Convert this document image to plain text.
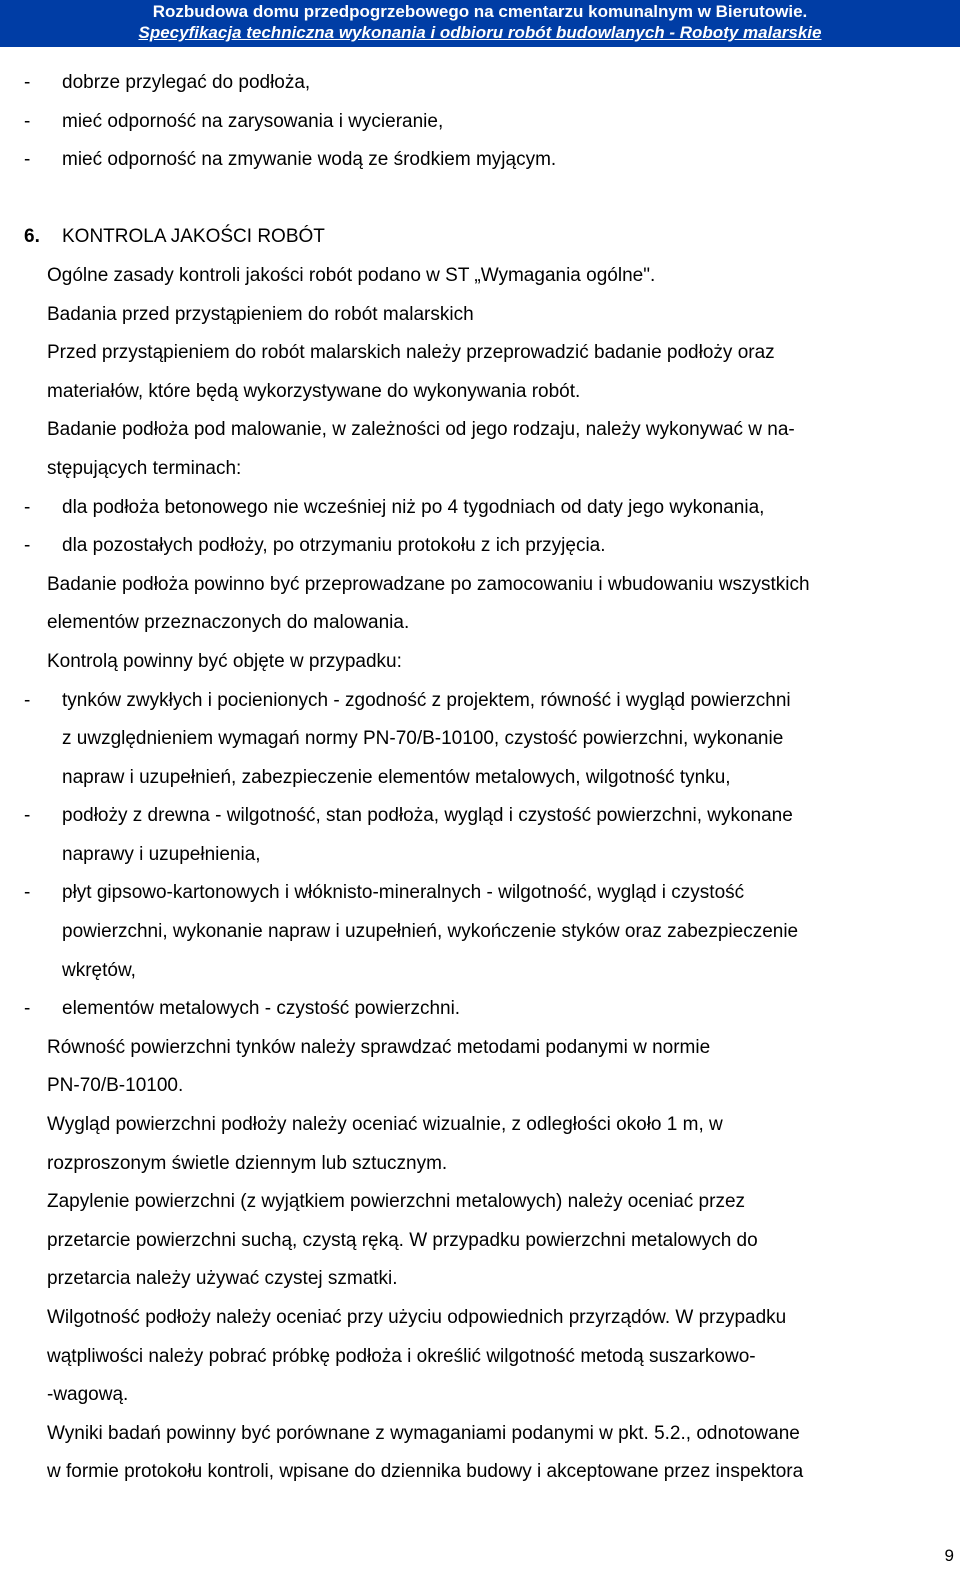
Rozbudowa domu przedpogrzebowego na cmentarzu komunalnym w Bierutowie.
Specyfikacja techniczna wykonania i odbioru robót budowlanych - Roboty malarskie
- dobrze przylegać do podłoża,
- mieć odporność na zarysowania i wycieranie,
- mieć odporność na zmywanie wodą ze środkiem myjącym.
6. KONTROLA JAKOŚCI ROBÓT
Ogólne zasady kontroli jakości robót podano w ST „Wymagania ogólne".
Badania przed przystąpieniem do robót malarskich
Przed przystąpieniem do robót malarskich należy przeprowadzić badanie podłoży oraz
materiałów, które będą wykorzystywane do wykonywania robót.
Badanie podłoża pod malowanie, w zależności od jego rodzaju, należy wykonywać w na-
stępujących terminach:
- dla podłoża betonowego nie wcześniej niż po 4 tygodniach od daty jego wykonania,
- dla pozostałych podłoży, po otrzymaniu protokołu z ich przyjęcia.
Badanie podłoża powinno być przeprowadzane po zamocowaniu i wbudowaniu wszystkich
elementów przeznaczonych do malowania.
Kontrolą powinny być objęte w przypadku:
- tynków zwykłych i pocienionych - zgodność z projektem, równość i wygląd powierzchni
z uwzględnieniem wymagań normy PN-70/B-10100, czystość powierzchni, wykonanie
napraw i uzupełnień, zabezpieczenie elementów metalowych, wilgotność tynku,
- podłoży z drewna - wilgotność, stan podłoża, wygląd i czystość powierzchni, wykonane
naprawy i uzupełnienia,
- płyt gipsowo-kartonowych i włóknisto-mineralnych - wilgotność, wygląd i czystość
powierzchni, wykonanie napraw i uzupełnień, wykończenie styków oraz zabezpieczenie
wkrętów,
- elementów metalowych - czystość powierzchni.
Równość powierzchni tynków należy sprawdzać metodami podanymi w normie
PN-70/B-10100.
Wygląd powierzchni podłoży należy oceniać wizualnie, z odległości około 1 m, w
rozproszonym świetle dziennym lub sztucznym.
Zapylenie powierzchni (z wyjątkiem powierzchni metalowych) należy oceniać przez
przetarcie powierzchni suchą, czystą ręką. W przypadku powierzchni metalowych do
przetarcia należy używać czystej szmatki.
Wilgotność podłoży należy oceniać przy użyciu odpowiednich przyrządów. W przypadku
wątpliwości należy pobrać próbkę podłoża i określić wilgotność metodą suszarkowo-
-wagową.
Wyniki badań powinny być porównane z wymaganiami podanymi w pkt. 5.2., odnotowane
w formie protokołu kontroli, wpisane do dziennika budowy i akceptowane przez inspektora
9
